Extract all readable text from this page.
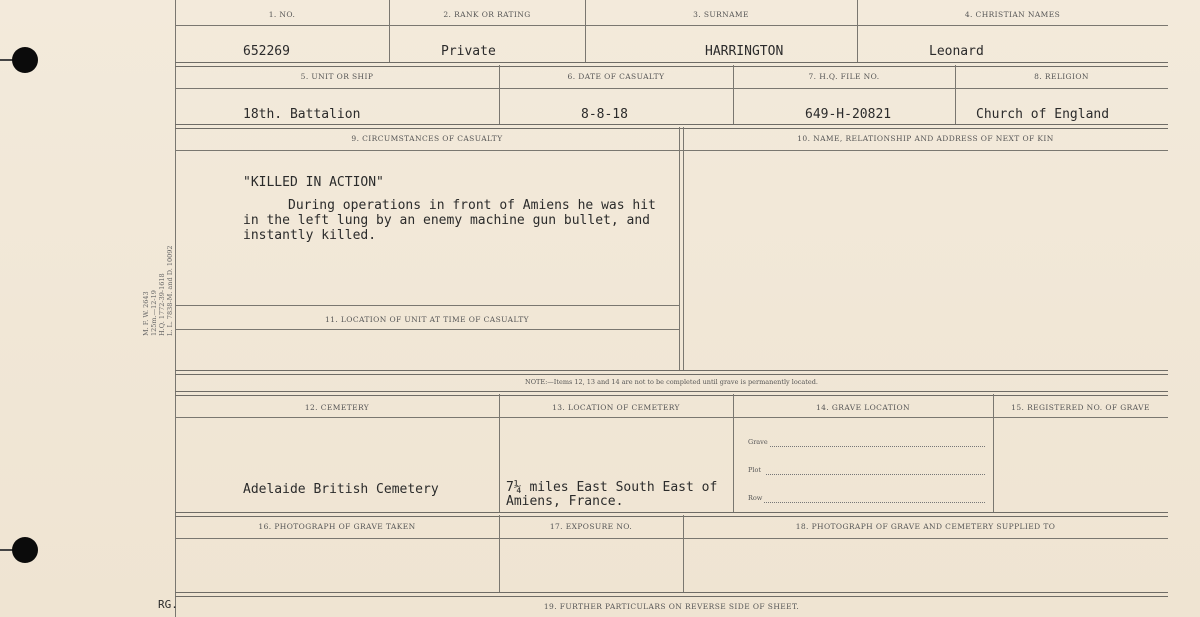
M. F. W. 2643 125m.—12-19 H.Q. 1772-39-1618 L. L. 7838-M. and D. 10092
1. NO.	2. RANK OR RATING	3. SURNAME	4. CHRISTIAN NAMES
652269	Private	HARRINGTON	Leonard
5. UNIT OR SHIP	6. DATE OF CASUALTY	7. H.Q. FILE NO.	8. RELIGION
18th. Battalion	8-8-18	649-H-20821	Church of England
9. CIRCUMSTANCES OF CASUALTY	10. NAME, RELATIONSHIP AND ADDRESS OF NEXT OF KIN
"KILLED IN ACTION"
During operations in front of Amiens he was hit
in the left lung by an enemy machine gun bullet, and
instantly killed.
11. LOCATION OF UNIT AT TIME OF CASUALTY
NOTE:—Items 12, 13 and 14 are not to be completed until grave is permanently located.
12. CEMETERY	13. LOCATION OF CEMETERY	14. GRAVE LOCATION	15. REGISTERED NO. OF GRAVE
Adelaide British Cemetery	7¼ miles East South East of
Amiens, France.
Grave
Plot
Row
16. PHOTOGRAPH OF GRAVE TAKEN	17. EXPOSURE NO.	18. PHOTOGRAPH OF GRAVE AND CEMETERY SUPPLIED TO
19. FURTHER PARTICULARS ON REVERSE SIDE OF SHEET.
RG.
